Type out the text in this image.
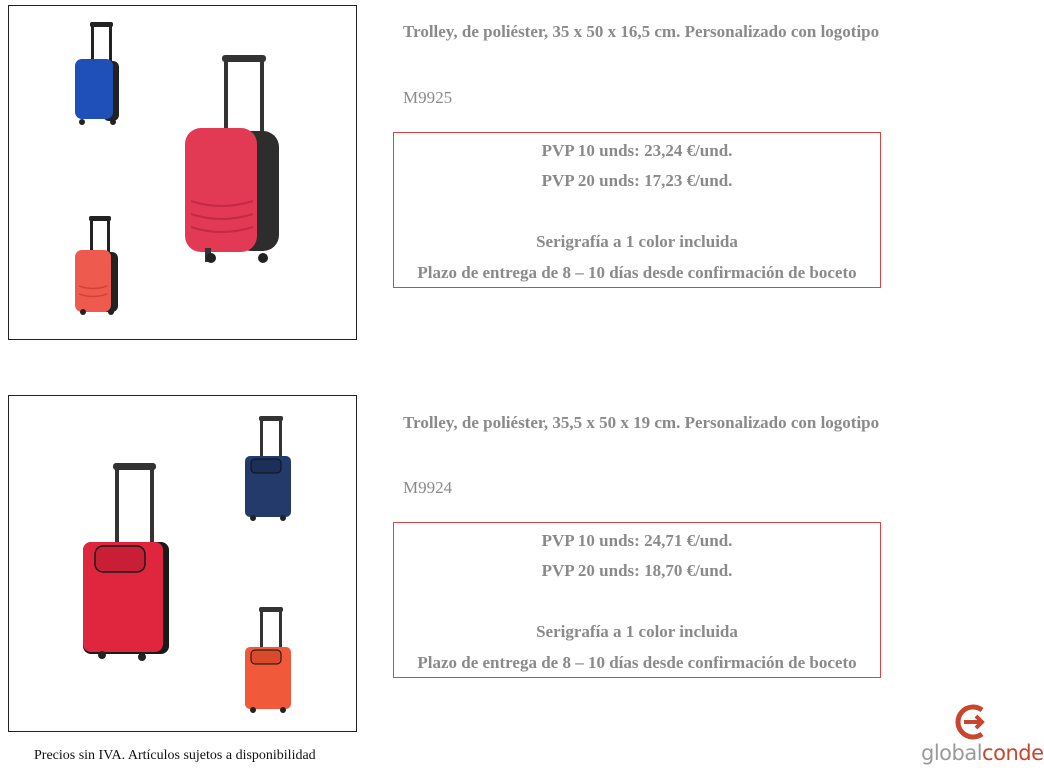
Trolley, de poliéster, 35 x 50 x 16,5 cm. Personalizado con logotipo
M9925
PVP 10 unds: 23,24 €/und.
PVP 20 unds: 17,23 €/und.
Serigrafía a 1 color incluida
Plazo de entrega de 8 – 10 días desde confirmación de boceto
Trolley, de poliéster, 35,5 x 50 x 19 cm. Personalizado con logotipo
M9924
PVP 10 unds: 24,71 €/und.
PVP 20 unds: 18,70 €/und.
Serigrafía a 1 color incluida
Plazo de entrega de 8 – 10 días desde confirmación de boceto
Precios sin IVA. Artículos sujetos a disponibilidad	globalconde
